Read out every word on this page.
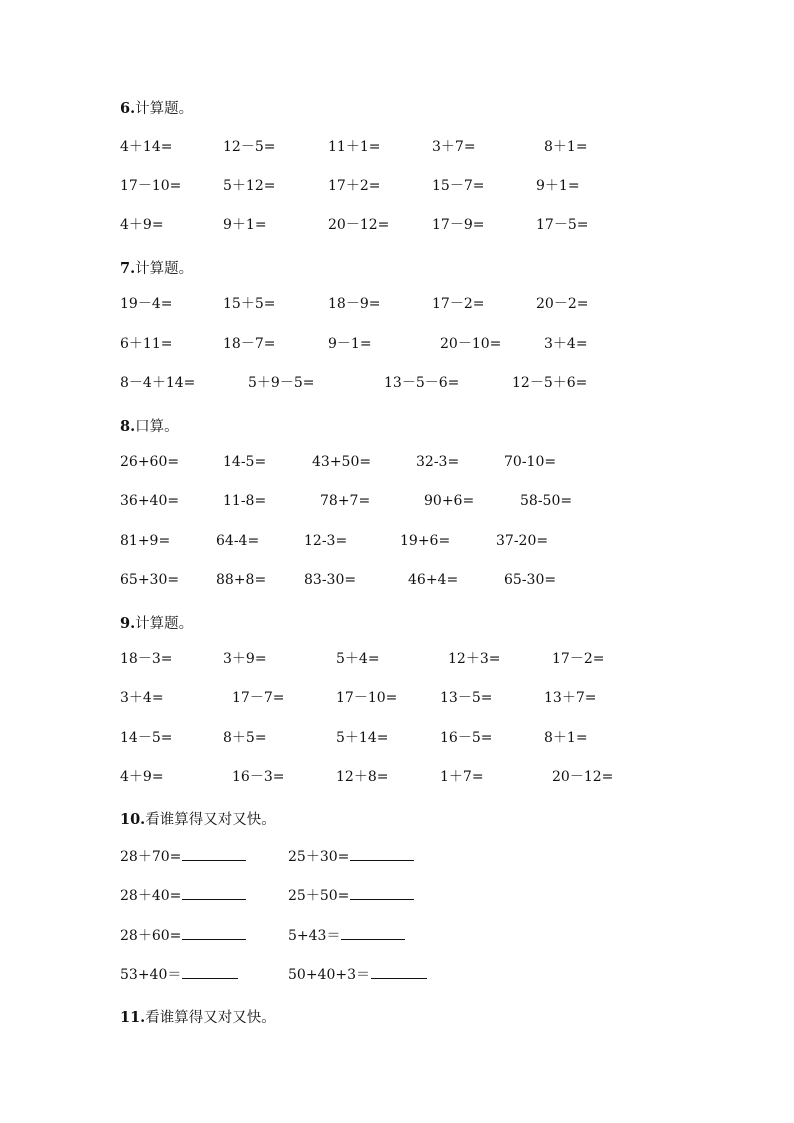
6.计算题。
4＋14=	12－5=	11＋1=	3＋7=	8＋1=
17－10=	5＋12=	17＋2=	15－7=	9＋1=
4＋9=	9＋1=	20－12=	17－9=	17－5=
7.计算题。
19－4=	15＋5=	18－9=	17－2=	20－2=
6＋11=	18－7=	9－1=	20－10=	3＋4=
8－4＋14=	5＋9－5=	13－5－6=	12－5＋6=
8.口算。
26+60=	14-5=	43+50=	32-3=	70-10=
36+40=	11-8=	78+7=	90+6=	58-50=
81+9=	64-4=	12-3=	19+6=	37-20=
65+30=	88+8=	83-30=	46+4=	65-30=
9.计算题。
18－3=	3＋9=	5＋4=	12＋3=	17－2=
3＋4=	17－7=	17－10=	13－5=	13＋7=
14－5=	8＋5=	5＋14=	16－5=	8＋1=
4＋9=	16－3=	12＋8=	1＋7=	20－12=
10.看谁算得又对又快。
28＋70=	25＋30=
28＋40=	25＋50=
28＋60=	5+43＝
53+40＝	50+40+3＝
11.看谁算得又对又快。
